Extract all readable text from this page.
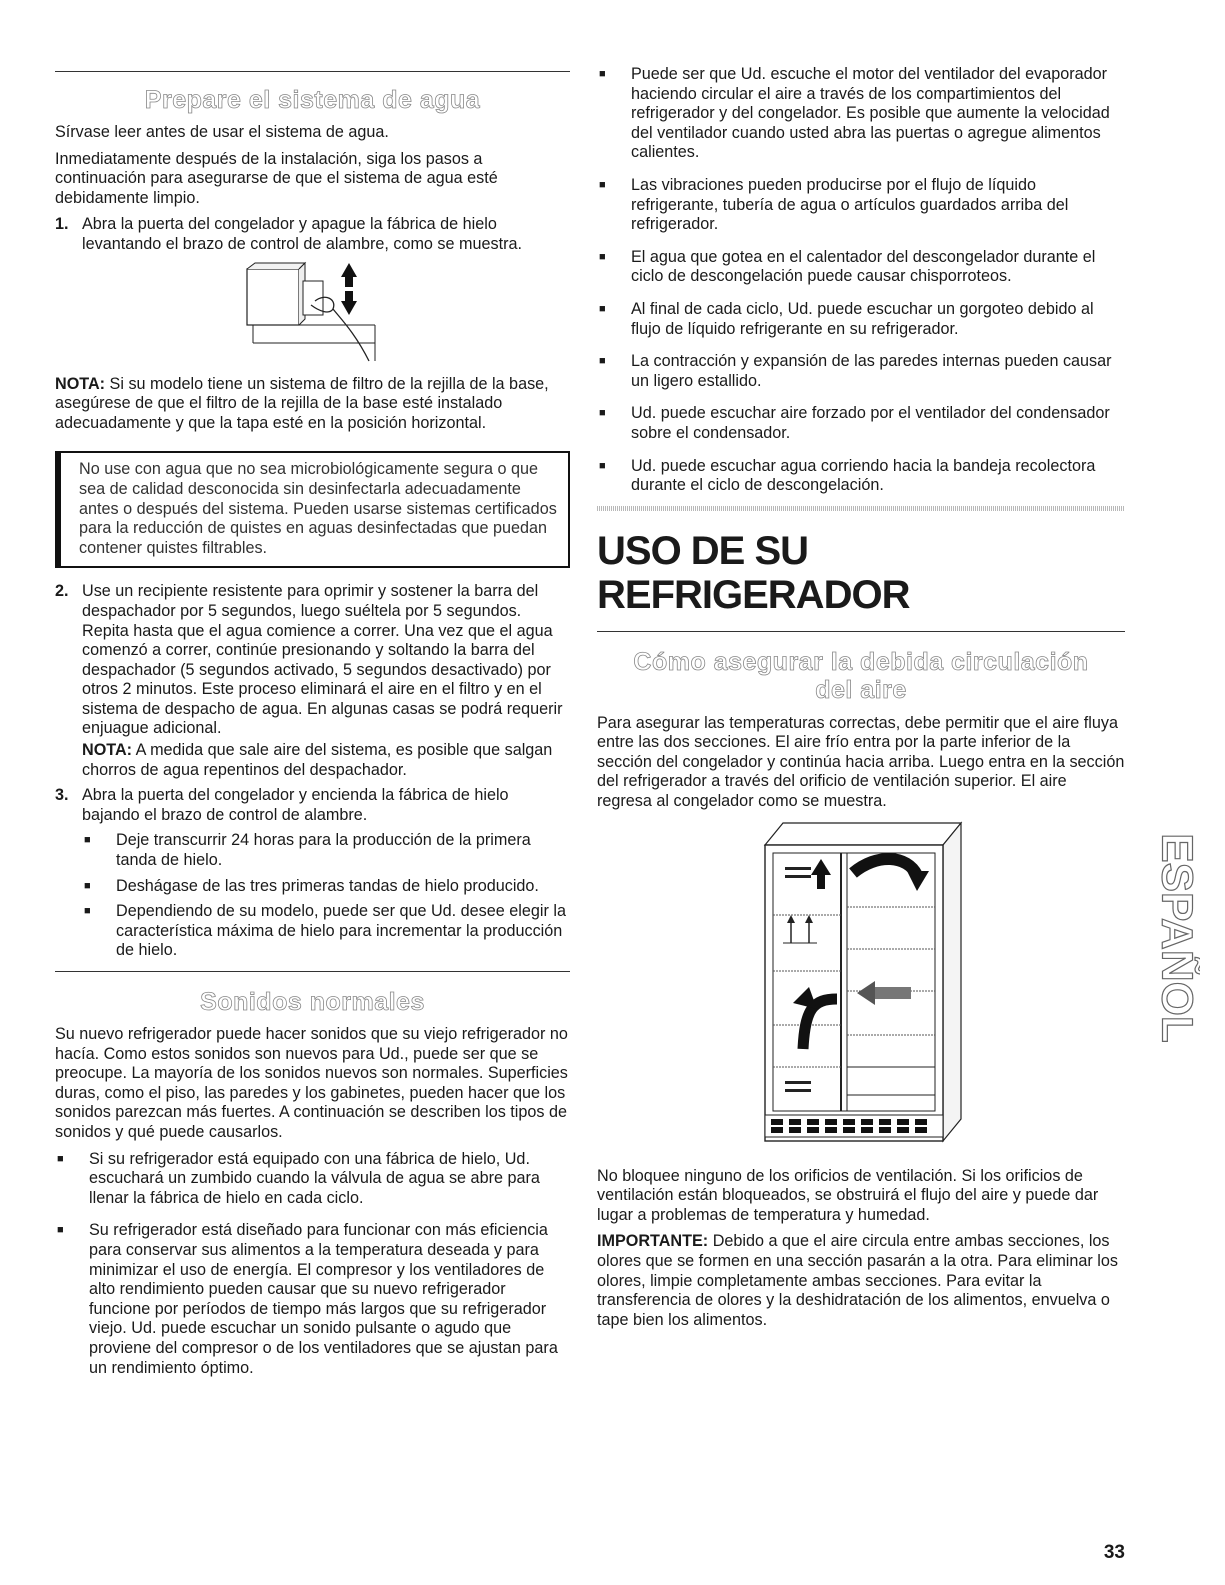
Prepare el sistema de agua

Sírvase leer antes de usar el sistema de agua.

Inmediatamente después de la instalación, siga los pasos a continuación para asegurarse de que el sistema de agua esté debidamente limpio.

1. Abra la puerta del congelador y apague la fábrica de hielo levantando el brazo de control de alambre, como se muestra.

NOTA: Si su modelo tiene un sistema de filtro de la rejilla de la base, asegúrese de que el filtro de la rejilla de la base esté instalado adecuadamente y que la tapa esté en la posición horizontal.

No use con agua que no sea microbiológicamente segura o que sea de calidad desconocida sin desinfectarla adecuadamente antes o después del sistema. Pueden usarse sistemas certificados para la reducción de quistes en aguas desinfectadas que puedan contener quistes filtrables.

2. Use un recipiente resistente para oprimir y sostener la barra del despachador por 5 segundos, luego suéltela por 5 segundos. Repita hasta que el agua comience a correr. Una vez que el agua comenzó a correr, continúe presionando y soltando la barra del despachador (5 segundos activado, 5 segundos desactivado) por otros 2 minutos. Este proceso eliminará el aire en el filtro y en el sistema de despacho de agua. En algunas casas se podrá requerir enjuague adicional.

NOTA: A medida que sale aire del sistema, es posible que salgan chorros de agua repentinos del despachador.

3. Abra la puerta del congelador y encienda la fábrica de hielo bajando el brazo de control de alambre.

■	Deje transcurrir 24 horas para la producción de la primera tanda de hielo.

■	Deshágase de las tres primeras tandas de hielo producido.

■	Dependiendo de su modelo, puede ser que Ud. desee elegir la característica máxima de hielo para incrementar la producción de hielo.

Sonidos normales

Su nuevo refrigerador puede hacer sonidos que su viejo refrigerador no hacía. Como estos sonidos son nuevos para Ud., puede ser que se preocupe. La mayoría de los sonidos nuevos son normales. Superficies duras, como el piso, las paredes y los gabinetes, pueden hacer que los sonidos parezcan más fuertes. A continuación se describen los tipos de sonidos y qué puede causarlos.

■	Si su refrigerador está equipado con una fábrica de hielo, Ud. escuchará un zumbido cuando la válvula de agua se abre para llenar la fábrica de hielo en cada ciclo.

■	Su refrigerador está diseñado para funcionar con más eficiencia para conservar sus alimentos a la temperatura deseada y para minimizar el uso de energía. El compresor y los ventiladores de alto rendimiento pueden causar que su nuevo refrigerador funcione por períodos de tiempo más largos que su refrigerador viejo. Ud. puede escuchar un sonido pulsante o agudo que proviene del compresor o de los ventiladores que se ajustan para un rendimiento óptimo.

■	Puede ser que Ud. escuche el motor del ventilador del evaporador haciendo circular el aire a través de los compartimientos del refrigerador y del congelador. Es posible que aumente la velocidad del ventilador cuando usted abra las puertas o agregue alimentos calientes.

■	Las vibraciones pueden producirse por el flujo de líquido refrigerante, tubería de agua o artículos guardados arriba del refrigerador.

■	El agua que gotea en el calentador del descongelador durante el ciclo de descongelación puede causar chisporroteos.

■	Al final de cada ciclo, Ud. puede escuchar un gorgoteo debido al flujo de líquido refrigerante en su refrigerador.

■	La contracción y expansión de las paredes internas pueden causar un ligero estallido.

■	Ud. puede escuchar aire forzado por el ventilador del condensador sobre el condensador.

■	Ud. puede escuchar agua corriendo hacia la bandeja recolectora durante el ciclo de descongelación.

USO DE SU REFRIGERADOR
Cómo asegurar la debida circulación
del aire

Para asegurar las temperaturas correctas, debe permitir que el aire fluya entre las dos secciones. El aire frío entra por la parte inferior de la sección del congelador y continúa hacia arriba. Luego entra en la sección del refrigerador a través del orificio de ventilación superior. El aire regresa al congelador como se muestra.

No bloquee ninguno de los orificios de ventilación. Si los orificios de ventilación están bloqueados, se obstruirá el flujo del aire y puede dar lugar a problemas de temperatura y humedad.

IMPORTANTE: Debido a que el aire circula entre ambas secciones, los olores que se formen en una sección pasarán a la otra. Para eliminar los olores, limpie completamente ambas secciones. Para evitar la transferencia de olores y la deshidratación de los alimentos, envuelva o tape bien los alimentos.

ESPAÑOL
33
